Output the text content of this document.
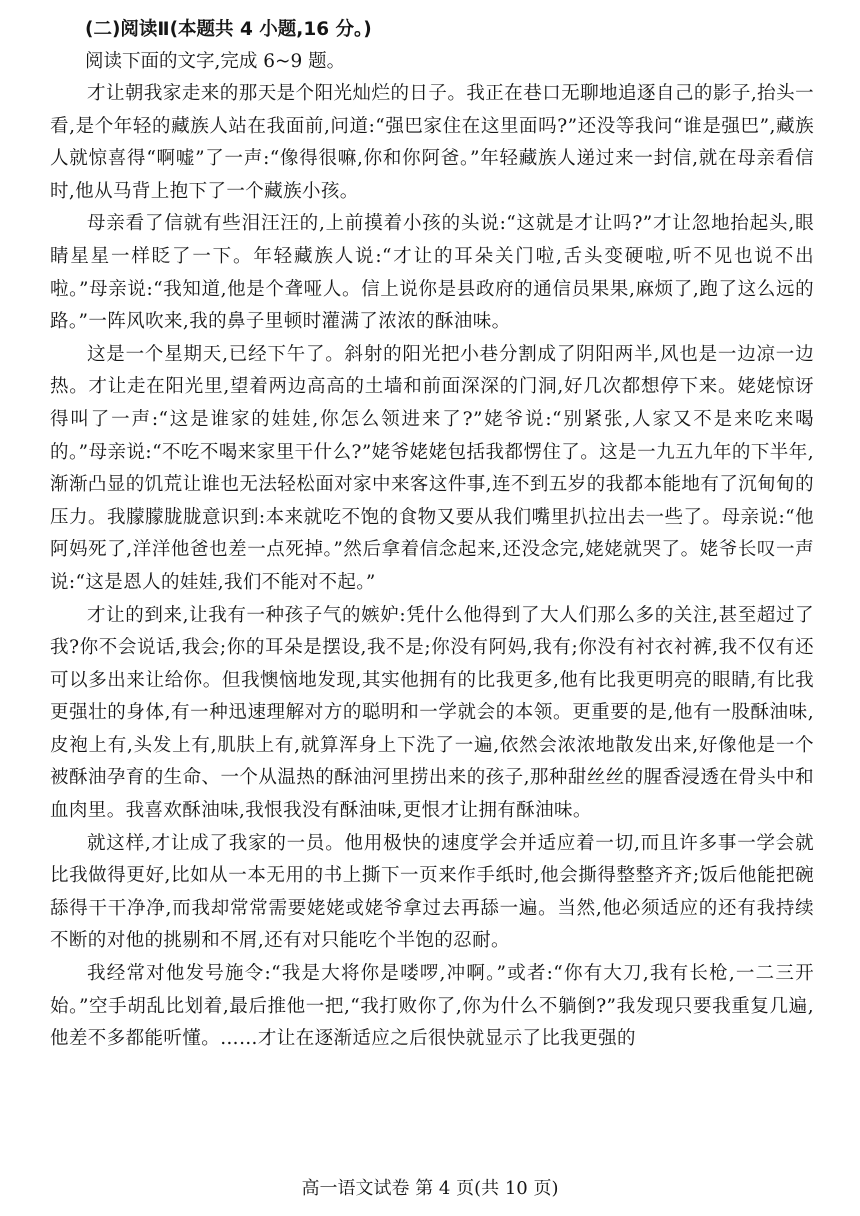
(二)阅读Ⅱ(本题共 4 小题,16 分。)
阅读下面的文字,完成 6~9 题。

才让朝我家走来的那天是个阳光灿烂的日子。我正在巷口无聊地追逐自己的影子,抬头一看,是个年轻的藏族人站在我面前,问道:“强巴家住在这里面吗?”还没等我问“谁是强巴”,藏族人就惊喜得“啊嘘”了一声:“像得很嘛,你和你阿爸。”年轻藏族人递过来一封信,就在母亲看信时,他从马背上抱下了一个藏族小孩。

母亲看了信就有些泪汪汪的,上前摸着小孩的头说:“这就是才让吗?”才让忽地抬起头,眼睛星星一样眨了一下。年轻藏族人说:“才让的耳朵关门啦,舌头变硬啦,听不见也说不出啦。”母亲说:“我知道,他是个聋哑人。信上说你是县政府的通信员果果,麻烦了,跑了这么远的路。”一阵风吹来,我的鼻子里顿时灌满了浓浓的酥油味。

这是一个星期天,已经下午了。斜射的阳光把小巷分割成了阴阳两半,风也是一边凉一边热。才让走在阳光里,望着两边高高的土墙和前面深深的门洞,好几次都想停下来。姥姥惊讶得叫了一声:“这是谁家的娃娃,你怎么领进来了?”姥爷说:“别紧张,人家又不是来吃来喝的。”母亲说:“不吃不喝来家里干什么?”姥爷姥姥包括我都愣住了。这是一九五九年的下半年,渐渐凸显的饥荒让谁也无法轻松面对家中来客这件事,连不到五岁的我都本能地有了沉甸甸的压力。我朦朦胧胧意识到:本来就吃不饱的食物又要从我们嘴里扒拉出去一些了。母亲说:“他阿妈死了,洋洋他爸也差一点死掉。”然后拿着信念起来,还没念完,姥姥就哭了。姥爷长叹一声说:“这是恩人的娃娃,我们不能对不起。”

才让的到来,让我有一种孩子气的嫉妒:凭什么他得到了大人们那么多的关注,甚至超过了我?你不会说话,我会;你的耳朵是摆设,我不是;你没有阿妈,我有;你没有衬衣衬裤,我不仅有还可以多出来让给你。但我懊恼地发现,其实他拥有的比我更多,他有比我更明亮的眼睛,有比我更强壮的身体,有一种迅速理解对方的聪明和一学就会的本领。更重要的是,他有一股酥油味,皮袍上有,头发上有,肌肤上有,就算浑身上下洗了一遍,依然会浓浓地散发出来,好像他是一个被酥油孕育的生命、一个从温热的酥油河里捞出来的孩子,那种甜丝丝的腥香浸透在骨头中和血肉里。我喜欢酥油味,我恨我没有酥油味,更恨才让拥有酥油味。

就这样,才让成了我家的一员。他用极快的速度学会并适应着一切,而且许多事一学会就比我做得更好,比如从一本无用的书上撕下一页来作手纸时,他会撕得整整齐齐;饭后他能把碗舔得干干净净,而我却常常需要姥姥或姥爷拿过去再舔一遍。当然,他必须适应的还有我持续不断的对他的挑剔和不屑,还有对只能吃个半饱的忍耐。

我经常对他发号施令:“我是大将你是喽啰,冲啊。”或者:“你有大刀,我有长枪,一二三开始。”空手胡乱比划着,最后推他一把,“我打败你了,你为什么不躺倒?”我发现只要我重复几遍,他差不多都能听懂。……才让在逐渐适应之后很快就显示了比我更强的

高一语文试卷 第 4 页(共 10 页)
